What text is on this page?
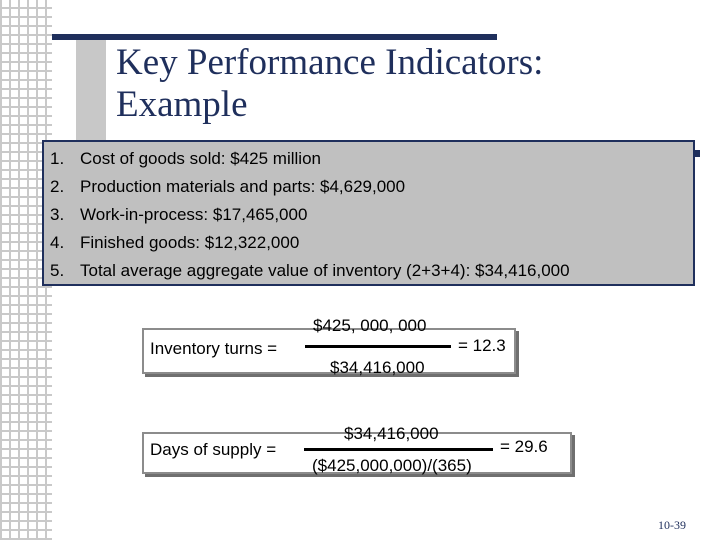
Key Performance Indicators:
Example
1. Cost of goods sold: $425 million
2. Production materials and parts: $4,629,000
3. Work-in-process: $17,465,000
4. Finished goods: $12,322,000
5. Total average aggregate value of inventory (2+3+4): $34,416,000
Inventory turns =
$425, 000, 000
$34,416,000
= 12.3
Days of supply =
$34,416,000
($425,000,000)/(365)
= 29.6
10-39
